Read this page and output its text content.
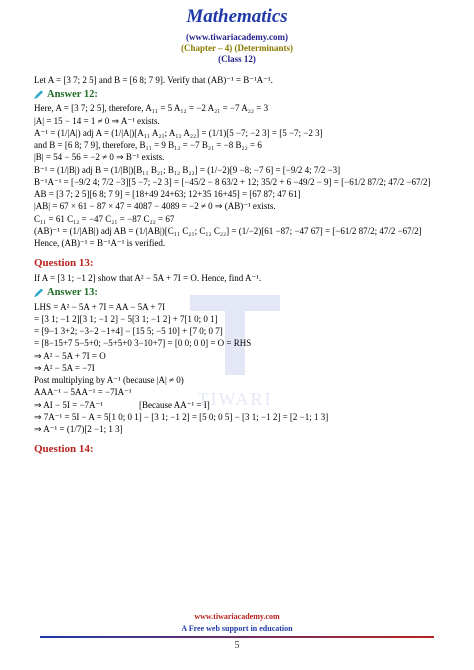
Mathematics
(www.tiwariacademy.com)
(Chapter – 4) (Determinants)
(Class 12)
TIWARI
Let A = [3 7; 2 5] and B = [6 8; 7 9]. Verify that (AB)⁻¹ = B⁻¹A⁻¹.
Answer 12:
Here, A = [3 7; 2 5], therefore, A₁₁ = 5 A₁₂ = −2 A₂₁ = −7 A₂₂ = 3
|A| = 15 − 14 = 1 ≠ 0 ⇒ A⁻¹ exists.
A⁻¹ = (1/|A|) adj A = (1/|A|)[A₁₁ A₂₁; A₁₂ A₂₂] = (1/1)[5 −7; −2 3] = [5 −7; −2 3]
and B = [6 8; 7 9], therefore, B₁₁ = 9 B₁₂ = −7 B₂₁ = −8 B₂₂ = 6
|B| = 54 − 56 = −2 ≠ 0 ⇒ B⁻¹ exists.
B⁻¹ = (1/|B|) adj B = (1/|B|)[B₁₁ B₂₁; B₁₂ B₂₂] = (1/−2)[9 −8; −7 6] = [−9/2 4; 7/2 −3]
B⁻¹A⁻¹ = [−9/2 4; 7/2 −3][5 −7; −2 3] = [−45/2 − 8 63/2 + 12; 35/2 + 6 −49/2 − 9] = [−61/2 87/2; 47/2 −67/2]
AB = [3 7; 2 5][6 8; 7 9] = [18+49 24+63; 12+35 16+45] = [67 87; 47 61]
|AB| = 67 × 61 − 87 × 47 = 4087 − 4089 = −2 ≠ 0 ⇒ (AB)⁻¹ exists.
C₁₁ = 61 C₁₂ = −47 C₂₁ = −87 C₂₂ = 67
(AB)⁻¹ = (1/|AB|) adj AB = (1/|AB|)[C₁₁ C₂₁; C₁₂ C₂₂] = (1/−2)[61 −87; −47 67] = [−61/2 87/2; 47/2 −67/2]
Hence, (AB)⁻¹ = B⁻¹A⁻¹ is verified.
Question 13:
If A = [3 1; −1 2] show that A² − 5A + 7I = O. Hence, find A⁻¹.
Answer 13:
LHS = A² − 5A + 7I = AA − 5A + 7I
= [3 1; −1 2][3 1; −1 2] − 5[3 1; −1 2] + 7[1 0; 0 1]
= [9−1 3+2; −3−2 −1+4] − [15 5; −5 10] + [7 0; 0 7]
= [8−15+7 5−5+0; −5+5+0 3−10+7] = [0 0; 0 0] = O = RHS
⇒ A² − 5A + 7I = O
⇒ A² − 5A = −7I
Post multiplying by A⁻¹ (because |A| ≠ 0)
AAA⁻¹ − 5AA⁻¹ = −7IA⁻¹
⇒ AI − 5I = −7A⁻¹                [Because AA⁻¹ = I]
⇒ 7A⁻¹ = 5I − A = 5[1 0; 0 1] − [3 1; −1 2] = [5 0; 0 5] − [3 1; −1 2] = [2 −1; 1 3]
⇒ A⁻¹ = (1/7)[2 −1; 1 3]
Question 14:
www.tiwariacademy.com
A Free web support in education
5
